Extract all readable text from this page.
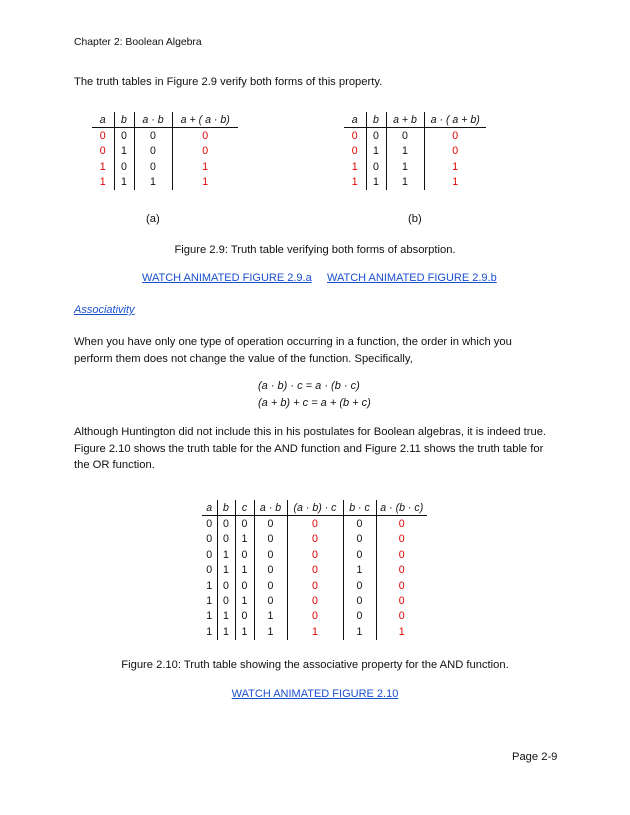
Chapter 2: Boolean Algebra
The truth tables in Figure 2.9 verify both forms of this property.
a	b	a · b	a + ( a · b)
0	0	0	0
0	1	0	0
1	0	0	1
1	1	1	1
a	b	a + b	a · ( a + b)
0	0	0	0
0	1	1	0
1	0	1	1
1	1	1	1
(a)	(b)
Figure 2.9: Truth table verifying both forms of absorption.
WATCH ANIMATED FIGURE 2.9.a WATCH ANIMATED FIGURE 2.9.b
Associativity
When you have only one type of operation occurring in a function, the order in which you
perform them does not change the value of the function. Specifically,
(a · b) · c = a · (b · c)
(a + b) + c = a + (b + c)
Although Huntington did not include this in his postulates for Boolean algebras, it is indeed true.
Figure 2.10 shows the truth table for the AND function and Figure 2.11 shows the truth table for
the OR function.
a	b	c	a · b	(a · b) · c	b · c	a · (b · c)
0	0	0	0	0	0	0
0	0	1	0	0	0	0
0	1	0	0	0	0	0
0	1	1	0	0	1	0
1	0	0	0	0	0	0
1	0	1	0	0	0	0
1	1	0	1	0	0	0
1	1	1	1	1	1	1
Figure 2.10: Truth table showing the associative property for the AND function.
WATCH ANIMATED FIGURE 2.10
Page 2-9
